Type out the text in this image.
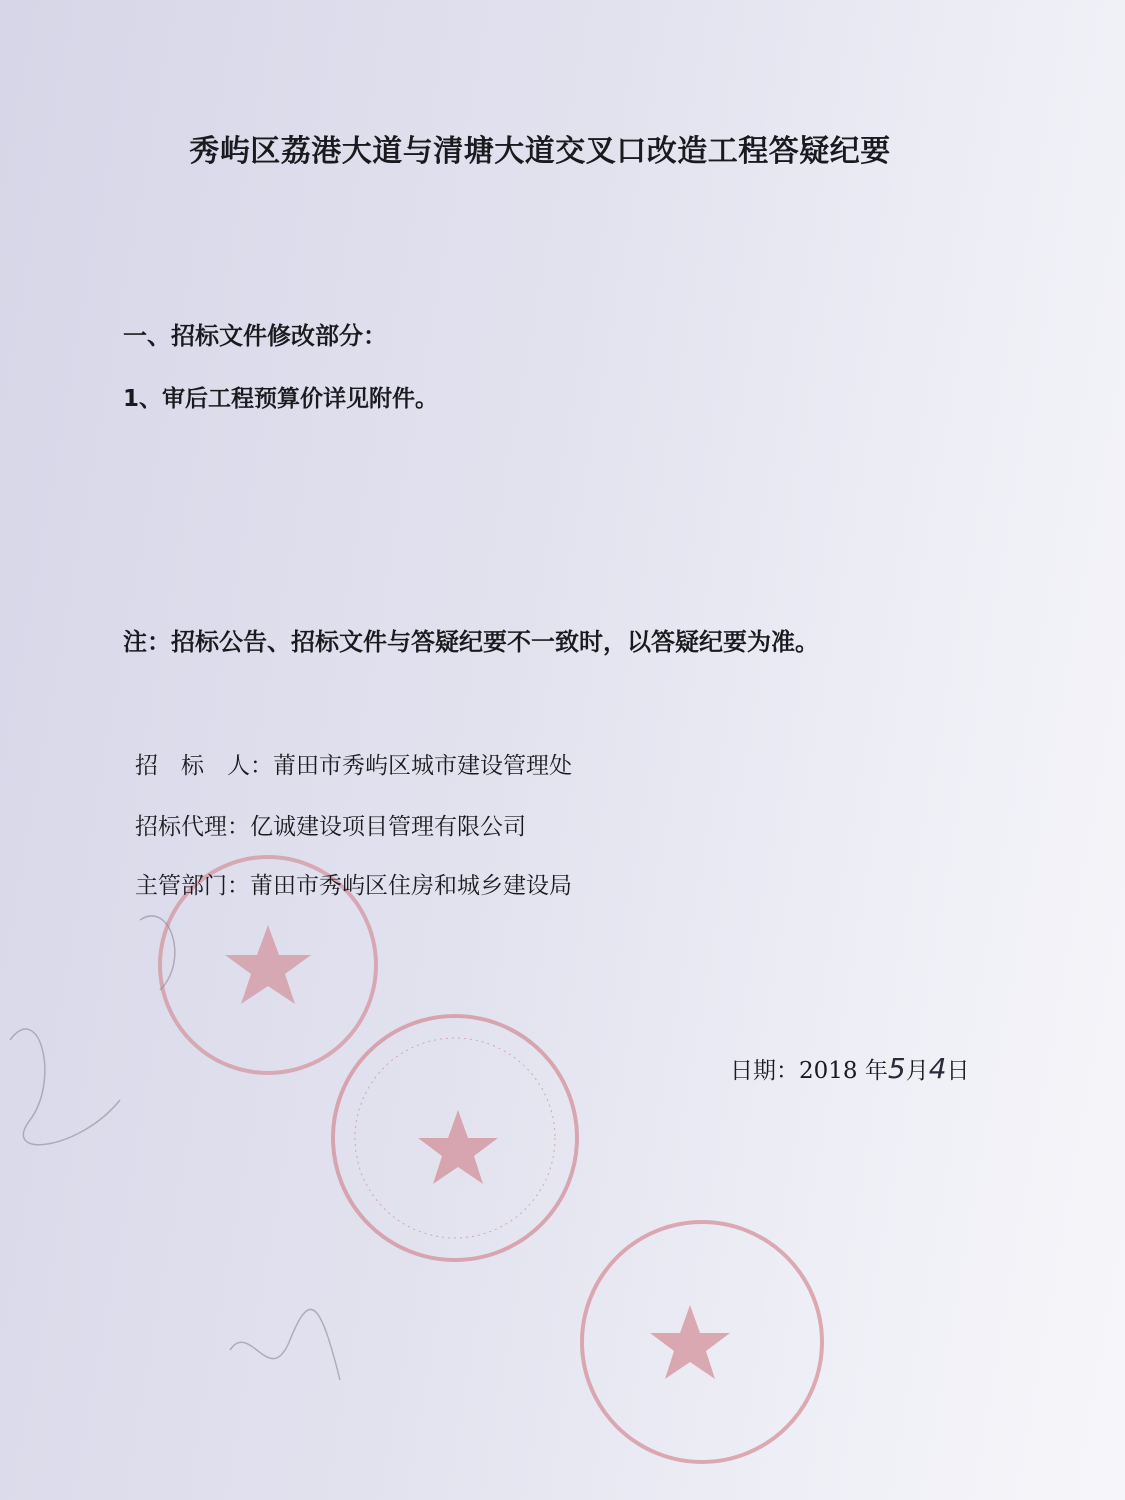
秀屿区荔港大道与清塘大道交叉口改造工程答疑纪要
一、招标文件修改部分：
1、审后工程预算价详见附件。
注：招标公告、招标文件与答疑纪要不一致时，以答疑纪要为准。
招　标　人：莆田市秀屿区城市建设管理处
招标代理：亿诚建设项目管理有限公司
主管部门：莆田市秀屿区住房和城乡建设局
日期：2018 年5月4日
